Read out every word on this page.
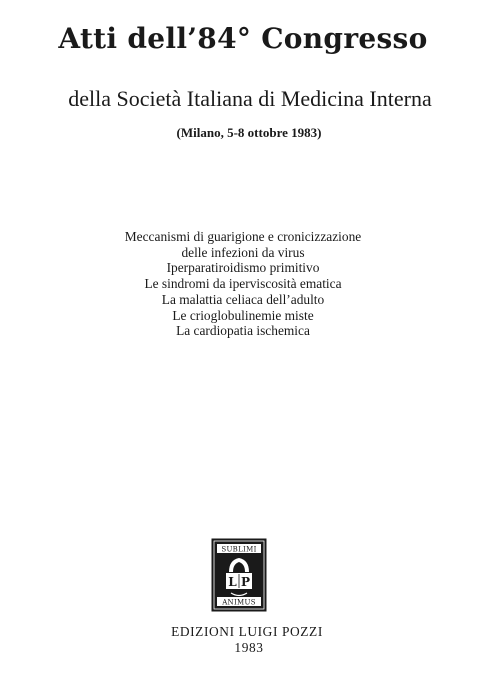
Atti dell’84° Congresso

della Società Italiana di Medicina Interna

(Milano, 5-8 ottobre 1983)

Meccanismi di guarigione e cronicizzazione
delle infezioni da virus
Iperparatiroidismo primitivo
Le sindromi da iperviscosità ematica
La malattia celiaca dell’adulto
Le crioglobulinemie miste
La cardiopatia ischemica
SUBLIMI
L P
ANIMUS

EDIZIONI LUIGI POZZI

1983
